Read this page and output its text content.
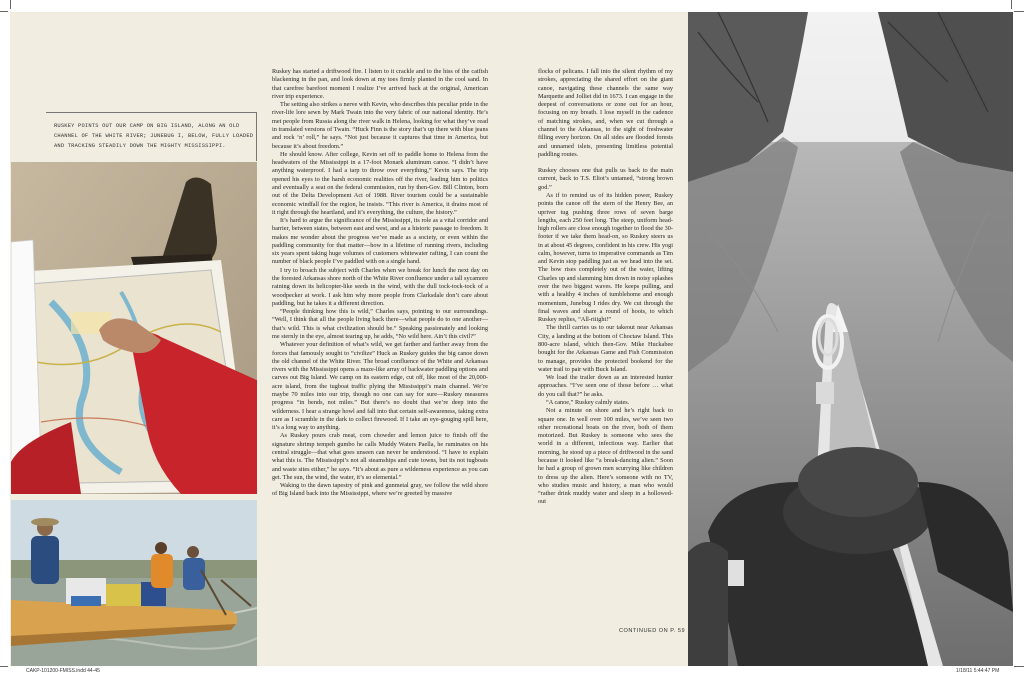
RUSKEY POINTS OUT OUR CAMP ON BIG ISLAND, ALONG AN OLD CHANNEL OF THE WHITE RIVER; JUNEBUG I, BELOW, FULLY LOADED AND TRACKING STEADILY DOWN THE MIGHTY MISSISSIPPI.

Ruskey has started a driftwood fire. I listen to it crackle and to the hiss of the catfish blackening in the pan, and look down at my toes firmly planted in the cool sand. In that carefree barefoot moment I realize I’ve arrived back at the original, American river trip experience.

The setting also strikes a nerve with Kevin, who describes this peculiar pride in the river-life lore sewn by Mark Twain into the very fabric of our national identity. He’s met people from Russia along the river walk in Helena, looking for what they’ve read in translated versions of Twain. “Huck Finn is the story that’s up there with blue jeans and rock ‘n’ roll,” he says. “Not just because it captures that time in America, but because it’s about freedom.”

He should know. After college, Kevin set off to paddle home to Helena from the headwaters of the Mississippi in a 17-foot Monark aluminum canoe. “I didn’t have anything waterproof. I had a tarp to throw over everything,” Kevin says. The trip opened his eyes to the harsh economic realities off the river, leading him to politics and eventually a seat on the federal commission, run by then-Gov. Bill Clinton, born out of the Delta Development Act of 1988. River tourism could be a sustainable economic windfall for the region, he insists. “This river is America, it drains most of it right through the heartland, and it’s everything, the culture, the history.”

It’s hard to argue the significance of the Mississippi, its role as a vital corridor and barrier, between states, between east and west, and as a historic passage to freedom. It makes me wonder about the progress we’ve made as a society, or even within the paddling community for that matter—how in a lifetime of running rivers, including six years spent taking huge volumes of customers whitewater rafting, I can count the number of black people I’ve paddled with on a single hand.

I try to broach the subject with Charles when we break for lunch the next day on the forested Arkansas shore north of the White River confluence under a tall sycamore raining down its helicopter-like seeds in the wind, with the dull tock-tock-tock of a woodpecker at work. I ask him why more people from Clarksdale don’t care about paddling, but he takes it a different direction.

“People thinking how this is wild,” Charles says, pointing to our surroundings. “Well, I think that all the people living back there—what people do to one another—that’s wild. This is what civilization should be.” Speaking passionately and looking me sternly in the eye, almost tearing up, he adds, “No wild here. Ain’t this civil?”

Whatever your definition of what’s wild, we get farther and farther away from the forces that famously sought to “civilize” Huck as Ruskey guides the big canoe down the old channel of the White River. The broad confluence of the White and Arkansas rivers with the Mississippi opens a maze-like array of backwater paddling options and carves out Big Island. We camp on its eastern edge, cut off, like most of the 20,000-acre island, from the tugboat traffic plying the Mississippi’s main channel. We’re maybe 70 miles into our trip, though no one can say for sure—Ruskey measures progress “in bends, not miles.” But there’s no doubt that we’re deep into the wilderness. I hear a strange howl and fall into that certain self-awareness, taking extra care as I scramble in the dark to collect firewood. If I take an eye-gouging spill here, it’s a long way to anything.

As Ruskey pours crab meat, corn chowder and lemon juice to finish off the signature shrimp tempeh gumbo he calls Muddy Waters Paella, he ruminates on his central struggle—that what goes unseen can never be understood. “I have to explain what this is. The Mississippi’s not all steamships and cute towns, but its not tugboats and waste sites either,” he says. “It’s about as pure a wilderness experience as you can get. The sun, the wind, the water, it’s so elemental.”

Waking to the dawn tapestry of pink and gunmetal gray, we follow the wild shore of Big Island back into the Mississippi, where we’re greeted by massive

flocks of pelicans. I fall into the silent rhythm of my strokes, appreciating the shared effort on the giant canoe, navigating these channels the same way Marquette and Jolliet did in 1673. I can engage in the deepest of conversations or zone out for an hour, focusing on my breath. I lose myself in the cadence of matching strokes, and, when we cut through a channel to the Arkansas, to the sight of freshwater filling every horizon. On all sides are flooded forests and unnamed islets, presenting limitless potential paddling routes.

Ruskey chooses one that pulls us back to the main current, back to T.S. Eliot’s untamed, “strong brown god.”

As if to remind us of its hidden power, Ruskey points the canoe off the stern of the Henry Bee, an upriver tug pushing three rows of seven barge lengths, each 250 feet long. The steep, uniform head-high rollers are close enough together to flood the 30-footer if we take them head-on, so Ruskey steers us in at about 45 degrees, confident in his crew. His yogi calm, however, turns to imperative commands as Tim and Kevin stop paddling just as we head into the set. The bow rises completely out of the water, lifting Charles up and slamming him down in noisy splashes over the two biggest waves. He keeps pulling, and with a healthy 4 inches of tumblehome and enough momentum, Junebug I rides dry. We cut through the final waves and share a round of hoots, to which Ruskey replies, “All-riiight!”

The thrill carries us to our takeout near Arkansas City, a landing at the bottom of Choctaw Island. This 800-acre island, which then-Gov. Mike Huckabee bought for the Arkansas Game and Fish Commission to manage, provides the protected bookend for the water trail to pair with Buck Island.

We load the trailer down as an interested hunter approaches. “I’ve seen one of those before … what do you call that?” he asks.

“A canoe,” Ruskey calmly states.

Not a minute on shore and he’s right back to square one. In well over 100 miles, we’ve seen two other recreational boats on the river, both of them motorized. But Ruskey is someone who sees the world in a different, infectious way. Earlier that morning, he stood up a piece of driftwood in the sand because it looked like “a break-dancing alien.” Soon he had a group of grown men scurrying like children to dress up the alien. Here’s someone with no TV, who studies music and history, a man who would “rather drink muddy water and sleep in a hollowed-out

CONTINUED ON P. 59
CAKP-101200-FMISS.indd 44-45	1/18/11 5:44:47 PM
